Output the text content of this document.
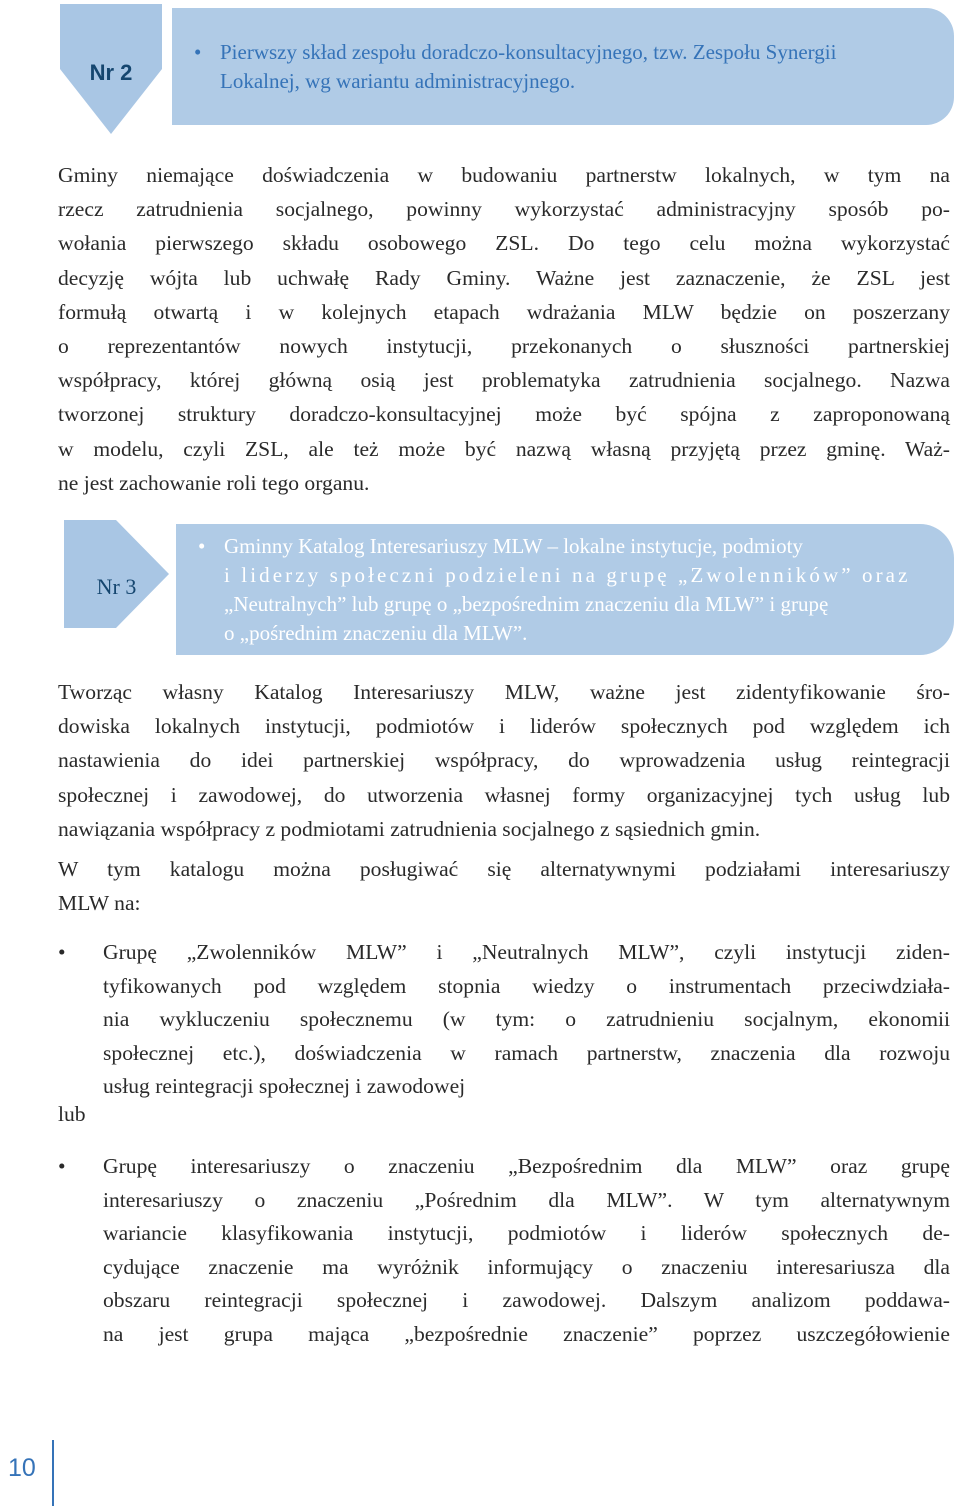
Nr 2
• Pierwszy skład zespołu doradczo-konsultacyjnego, tzw. Zespołu Synergii
Lokalnej, wg wariantu administracyjnego.
Gminy niemające doświadczenia w budowaniu partnerstw lokalnych, w tym na
rzecz zatrudnienia socjalnego, powinny wykorzystać administracyjny sposób po-
wołania pierwszego składu osobowego ZSL. Do tego celu można wykorzystać
decyzję wójta lub uchwałę Rady Gminy. Ważne jest zaznaczenie, że ZSL jest
formułą otwartą i w kolejnych etapach wdrażania MLW będzie on poszerzany
o reprezentantów nowych instytucji, przekonanych o słuszności partnerskiej
współpracy, której główną osią jest problematyka zatrudnienia socjalnego. Nazwa
tworzonej struktury doradczo-konsultacyjnej może być spójna z zaproponowaną
w modelu, czyli ZSL, ale też może być nazwą własną przyjętą przez gminę. Waż-
ne jest zachowanie roli tego organu.
Nr 3
• Gminny Katalog Interesariuszy MLW – lokalne instytucje, podmioty
i liderzy społeczni podzieleni na grupę „Zwolenników” oraz
„Neutralnych” lub grupę o „bezpośrednim znaczeniu dla MLW” i grupę
o „pośrednim znaczeniu dla MLW”.
Tworząc własny Katalog Interesariuszy MLW, ważne jest zidentyfikowanie śro-
dowiska lokalnych instytucji, podmiotów i liderów społecznych pod względem ich
nastawienia do idei partnerskiej współpracy, do wprowadzenia usług reintegracji
społecznej i zawodowej, do utworzenia własnej formy organizacyjnej tych usług lub
nawiązania współpracy z podmiotami zatrudnienia socjalnego z sąsiednich gmin.
W tym katalogu można posługiwać się alternatywnymi podziałami interesariuszy
MLW na:
• Grupę „Zwolenników MLW” i „Neutralnych MLW”, czyli instytucji ziden-
tyfikowanych pod względem stopnia wiedzy o instrumentach przeciwdziała-
nia wykluczeniu społecznemu (w tym: o zatrudnieniu socjalnym, ekonomii
społecznej etc.), doświadczenia w ramach partnerstw, znaczenia dla rozwoju
usług reintegracji społecznej i zawodowej
lub
• Grupę interesariuszy o znaczeniu „Bezpośrednim dla MLW” oraz grupę
interesariuszy o znaczeniu „Pośrednim dla MLW”. W tym alternatywnym
wariancie klasyfikowania instytucji, podmiotów i liderów społecznych de-
cydujące znaczenie ma wyróżnik informujący o znaczeniu interesariusza dla
obszaru reintegracji społecznej i zawodowej. Dalszym analizom poddawa-
na jest grupa mająca „bezpośrednie znaczenie” poprzez uszczegółowienie
10
